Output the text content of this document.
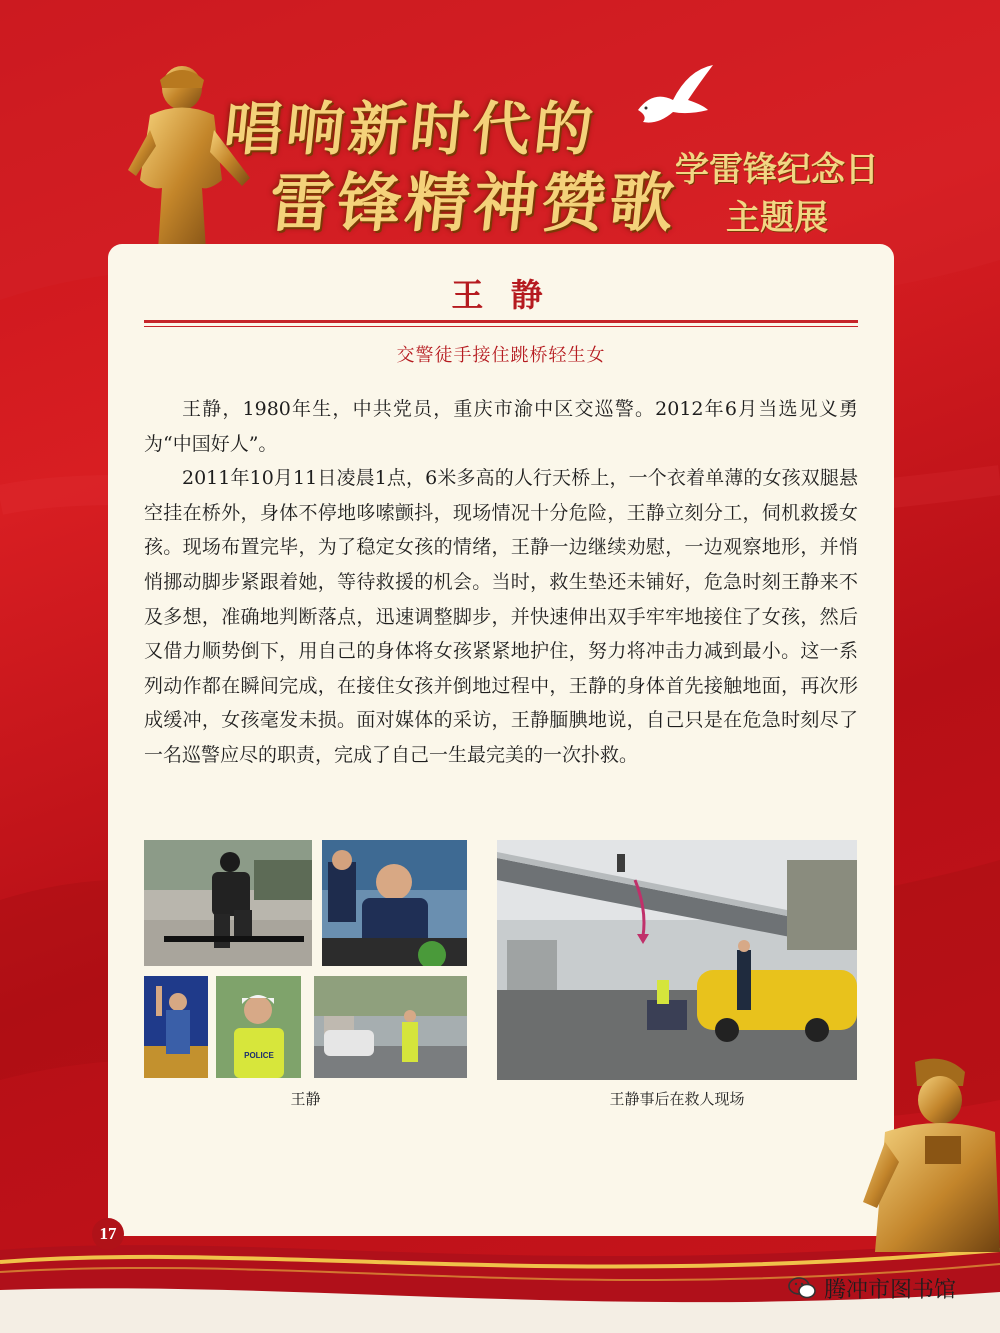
唱响新时代的
雷锋精神赞歌
学雷锋纪念日
主题展
王 静
交警徒手接住跳桥轻生女

王静，1980年生，中共党员，重庆市渝中区交巡警。2012年6月当选见义勇为“中国好人”。

2011年10月11日凌晨1点，6米多高的人行天桥上，一个衣着单薄的女孩双腿悬空挂在桥外，身体不停地哆嗦颤抖，现场情况十分危险，王静立刻分工，伺机救援女孩。现场布置完毕，为了稳定女孩的情绪，王静一边继续劝慰，一边观察地形，并悄悄挪动脚步紧跟着她，等待救援的机会。当时，救生垫还未铺好，危急时刻王静来不及多想，准确地判断落点，迅速调整脚步，并快速伸出双手牢牢地接住了女孩，然后又借力顺势倒下，用自己的身体将女孩紧紧地护住，努力将冲击力减到最小。这一系列动作都在瞬间完成，在接住女孩并倒地过程中，王静的身体首先接触地面，再次形成缓冲，女孩毫发未损。面对媒体的采访，王静腼腆地说，自己只是在危急时刻尽了一名巡警应尽的职责，完成了自己一生最完美的一次扑救。

POLICE
王静	王静事后在救人现场
17
腾冲市图书馆
